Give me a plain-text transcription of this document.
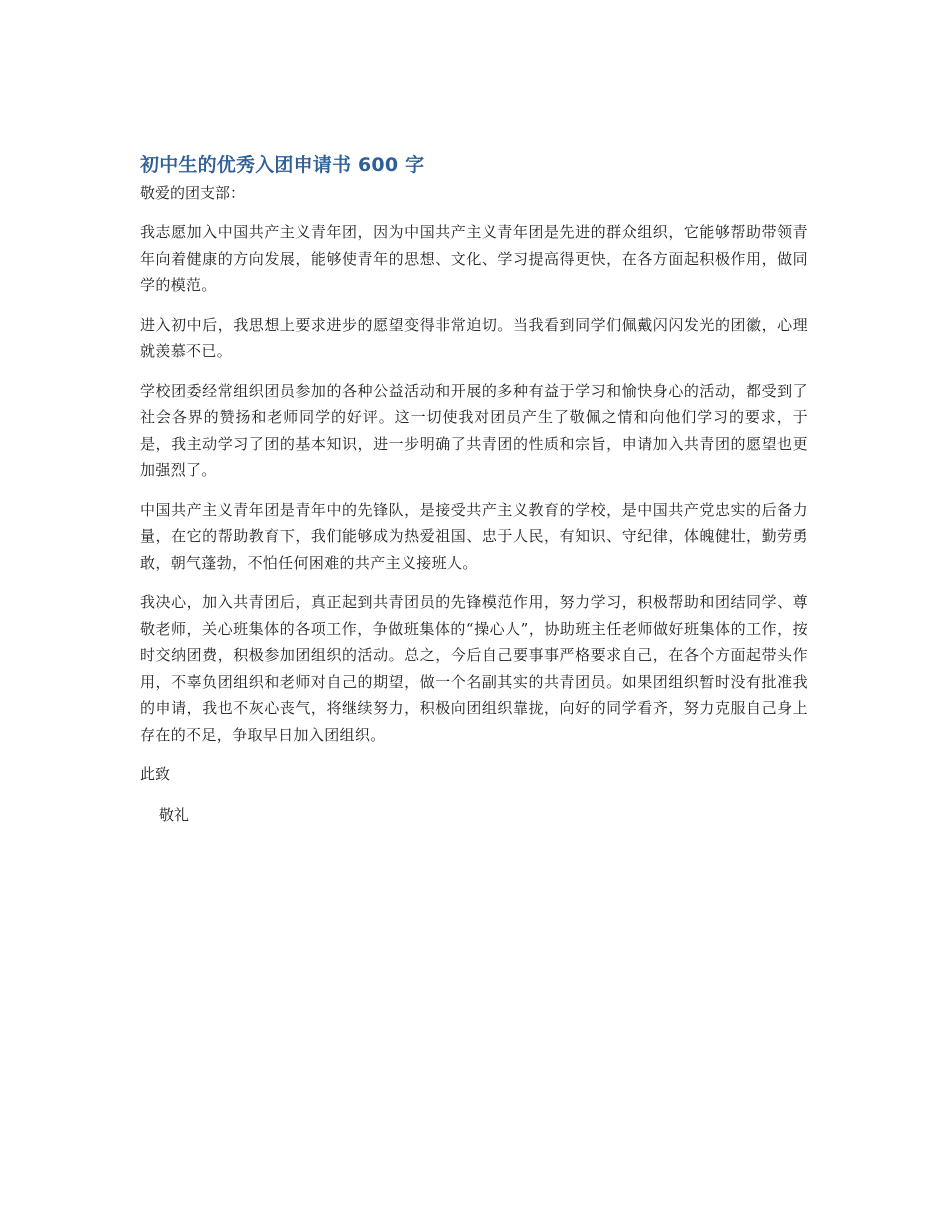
初中生的优秀入团申请书 600 字

敬爱的团支部：

我志愿加入中国共产主义青年团，因为中国共产主义青年团是先进的群众组织，它能够帮助带领青年向着健康的方向发展，能够使青年的思想、文化、学习提高得更快，在各方面起积极作用，做同学的模范。

进入初中后，我思想上要求进步的愿望变得非常迫切。当我看到同学们佩戴闪闪发光的团徽，心理就羡慕不已。

学校团委经常组织团员参加的各种公益活动和开展的多种有益于学习和愉快身心的活动，都受到了社会各界的赞扬和老师同学的好评。这一切使我对团员产生了敬佩之情和向他们学习的要求，于是，我主动学习了团的基本知识，进一步明确了共青团的性质和宗旨，申请加入共青团的愿望也更加强烈了。

中国共产主义青年团是青年中的先锋队，是接受共产主义教育的学校，是中国共产党忠实的后备力量，在它的帮助教育下，我们能够成为热爱祖国、忠于人民，有知识、守纪律，体魄健壮，勤劳勇敢，朝气蓬勃，不怕任何困难的共产主义接班人。

我决心，加入共青团后，真正起到共青团员的先锋模范作用，努力学习，积极帮助和团结同学、尊敬老师，关心班集体的各项工作，争做班集体的“操心人”，协助班主任老师做好班集体的工作，按时交纳团费，积极参加团组织的活动。总之，今后自己要事事严格要求自己，在各个方面起带头作用，不辜负团组织和老师对自己的期望，做一个名副其实的共青团员。如果团组织暂时没有批准我的申请，我也不灰心丧气，将继续努力，积极向团组织靠拢，向好的同学看齐，努力克服自己身上存在的不足，争取早日加入团组织。

此致

敬礼
